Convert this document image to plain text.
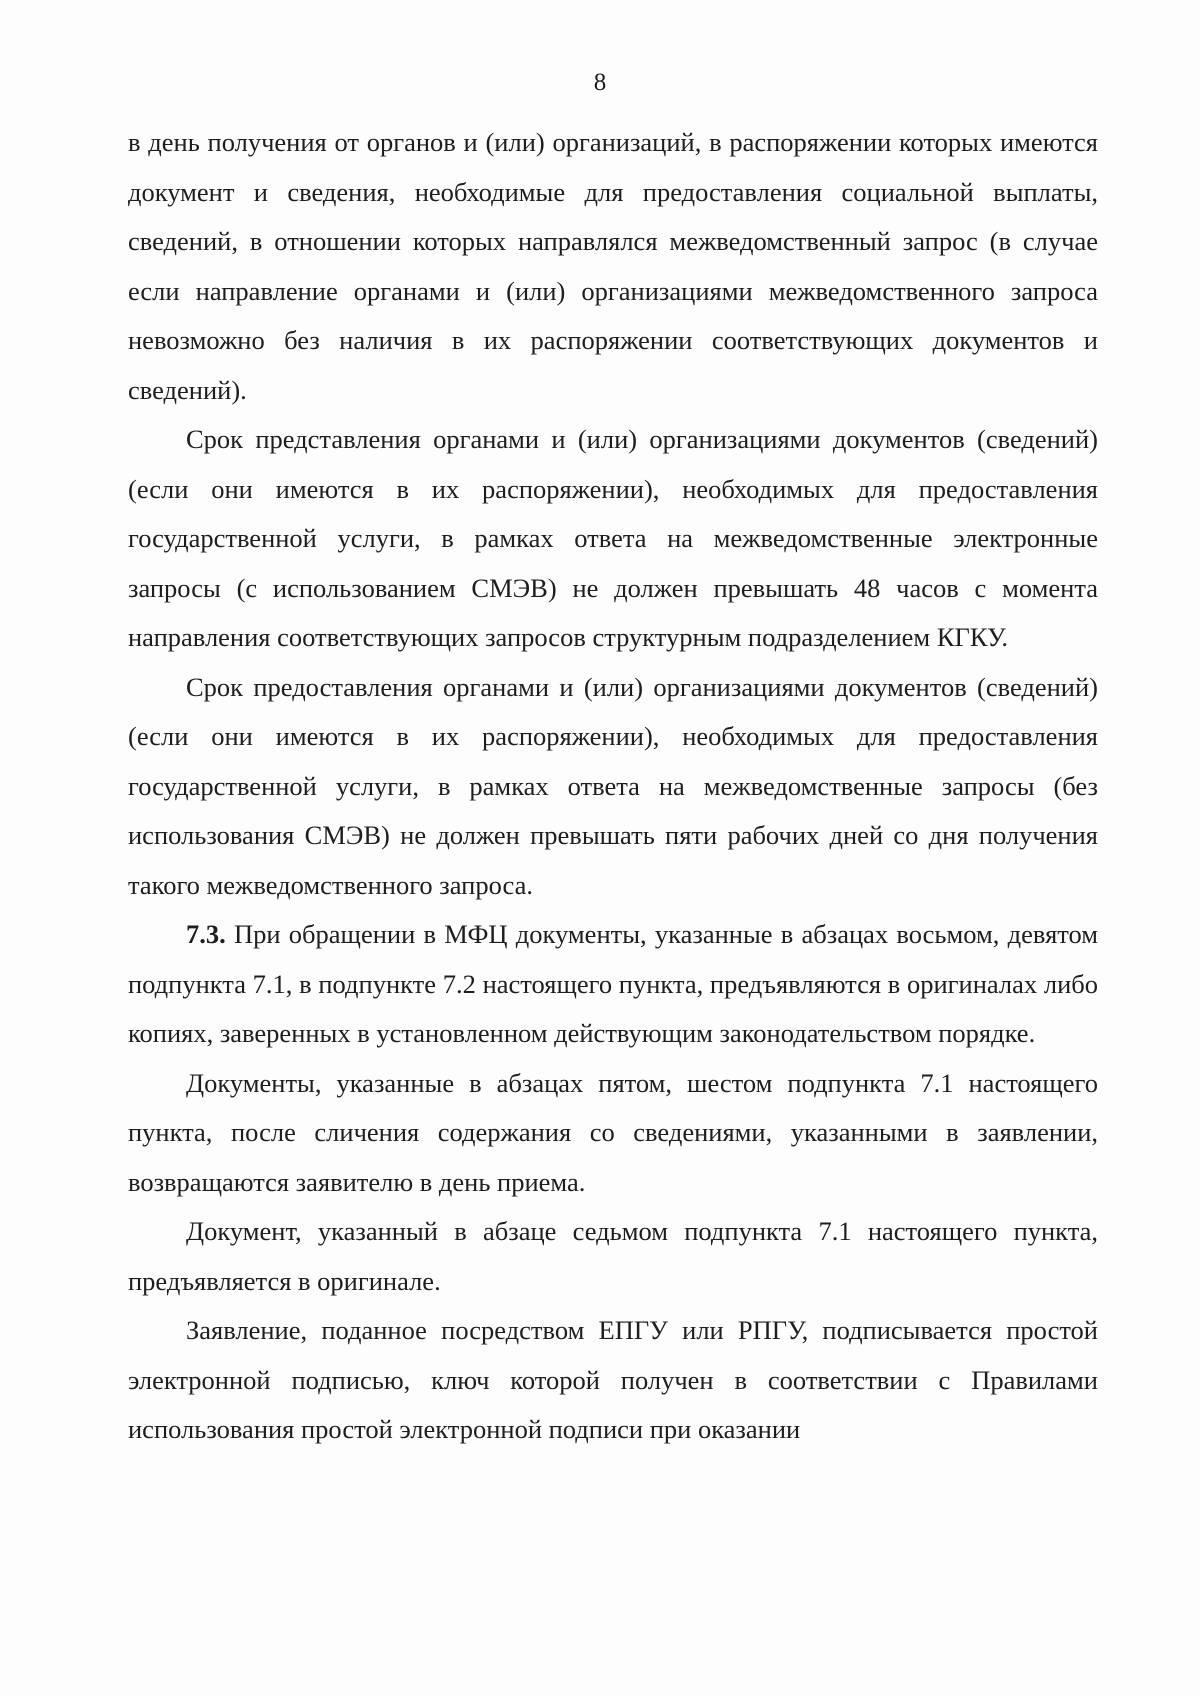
8

в день получения от органов и (или) организаций, в распоряжении которых имеются документ и сведения, необходимые для предоставления социальной выплаты, сведений, в отношении которых направлялся межведомственный запрос (в случае если направление органами и (или) организациями межведомственного запроса невозможно без наличия в их распоряжении соответствующих документов и сведений).

Срок представления органами и (или) организациями документов (сведений) (если они имеются в их распоряжении), необходимых для предоставления государственной услуги, в рамках ответа на межведомственные электронные запросы (с использованием СМЭВ) не должен превышать 48 часов с момента направления соответствующих запросов структурным подразделением КГКУ.

Срок предоставления органами и (или) организациями документов (сведений) (если они имеются в их распоряжении), необходимых для предоставления государственной услуги, в рамках ответа на межведомственные запросы (без использования СМЭВ) не должен превышать пяти рабочих дней со дня получения такого межведомственного запроса.

7.3. При обращении в МФЦ документы, указанные в абзацах восьмом, девятом подпункта 7.1, в подпункте 7.2 настоящего пункта, предъявляются в оригиналах либо копиях, заверенных в установленном действующим законодательством порядке.

Документы, указанные в абзацах пятом, шестом подпункта 7.1 настоящего пункта, после сличения содержания со сведениями, указанными в заявлении, возвращаются заявителю в день приема.

Документ, указанный в абзаце седьмом подпункта 7.1 настоящего пункта, предъявляется в оригинале.

Заявление, поданное посредством ЕПГУ или РПГУ, подписывается простой электронной подписью, ключ которой получен в соответствии с Правилами использования простой электронной подписи при оказании
